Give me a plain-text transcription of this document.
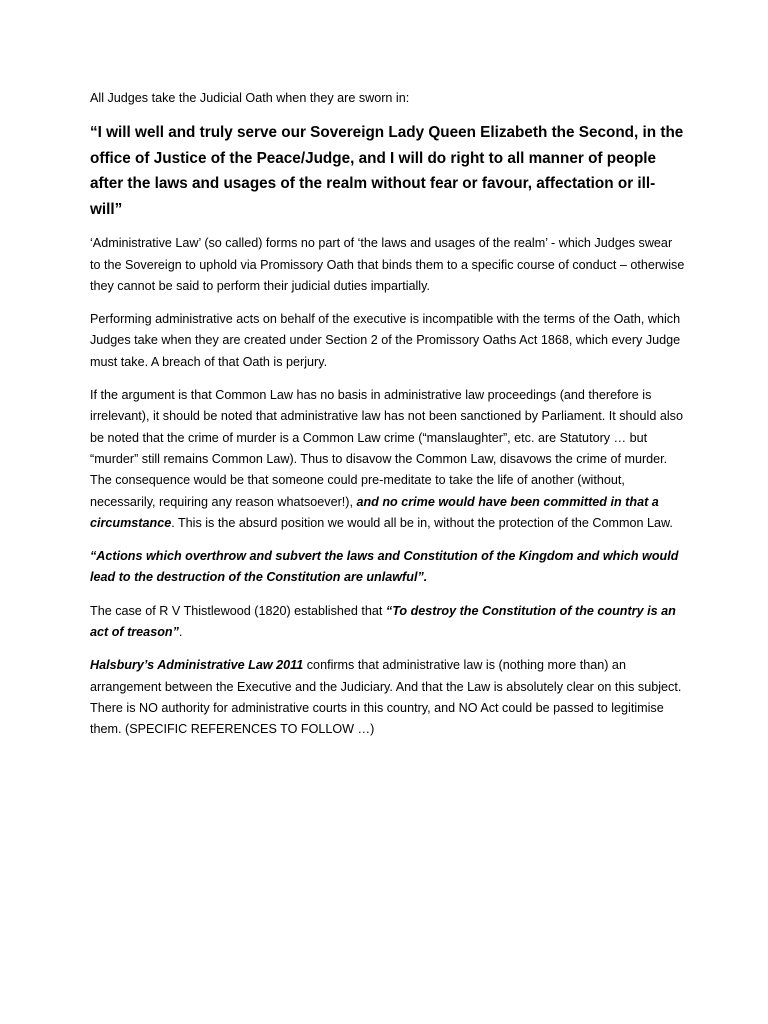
All Judges take the Judicial Oath when they are sworn in:

“I will well and truly serve our Sovereign Lady Queen Elizabeth the Second, in the office of Justice of the Peace/Judge, and I will do right to all manner of people after the laws and usages of the realm without fear or favour, affectation or ill-will”

‘Administrative Law’ (so called) forms no part of ‘the laws and usages of the realm’ - which Judges swear to the Sovereign to uphold via Promissory Oath that binds them to a specific course of conduct – otherwise they cannot be said to perform their judicial duties impartially.

Performing administrative acts on behalf of the executive is incompatible with the terms of the Oath, which Judges take when they are created under Section 2 of the Promissory Oaths Act 1868, which every Judge must take. A breach of that Oath is perjury.

If the argument is that Common Law has no basis in administrative law proceedings (and therefore is irrelevant), it should be noted that administrative law has not been sanctioned by Parliament. It should also be noted that the crime of murder is a Common Law crime (“manslaughter”, etc. are Statutory … but “murder” still remains Common Law). Thus to disavow the Common Law, disavows the crime of murder. The consequence would be that someone could pre-meditate to take the life of another (without, necessarily, requiring any reason whatsoever!), and no crime would have been committed in that a circumstance. This is the absurd position we would all be in, without the protection of the Common Law.

“Actions which overthrow and subvert the laws and Constitution of the Kingdom and which would lead to the destruction of the Constitution are unlawful”.

The case of R V Thistlewood (1820) established that “To destroy the Constitution of the country is an act of treason”.

Halsbury’s Administrative Law 2011 confirms that administrative law is (nothing more than) an arrangement between the Executive and the Judiciary. And that the Law is absolutely clear on this subject. There is NO authority for administrative courts in this country, and NO Act could be passed to legitimise them. (SPECIFIC REFERENCES TO FOLLOW …)
